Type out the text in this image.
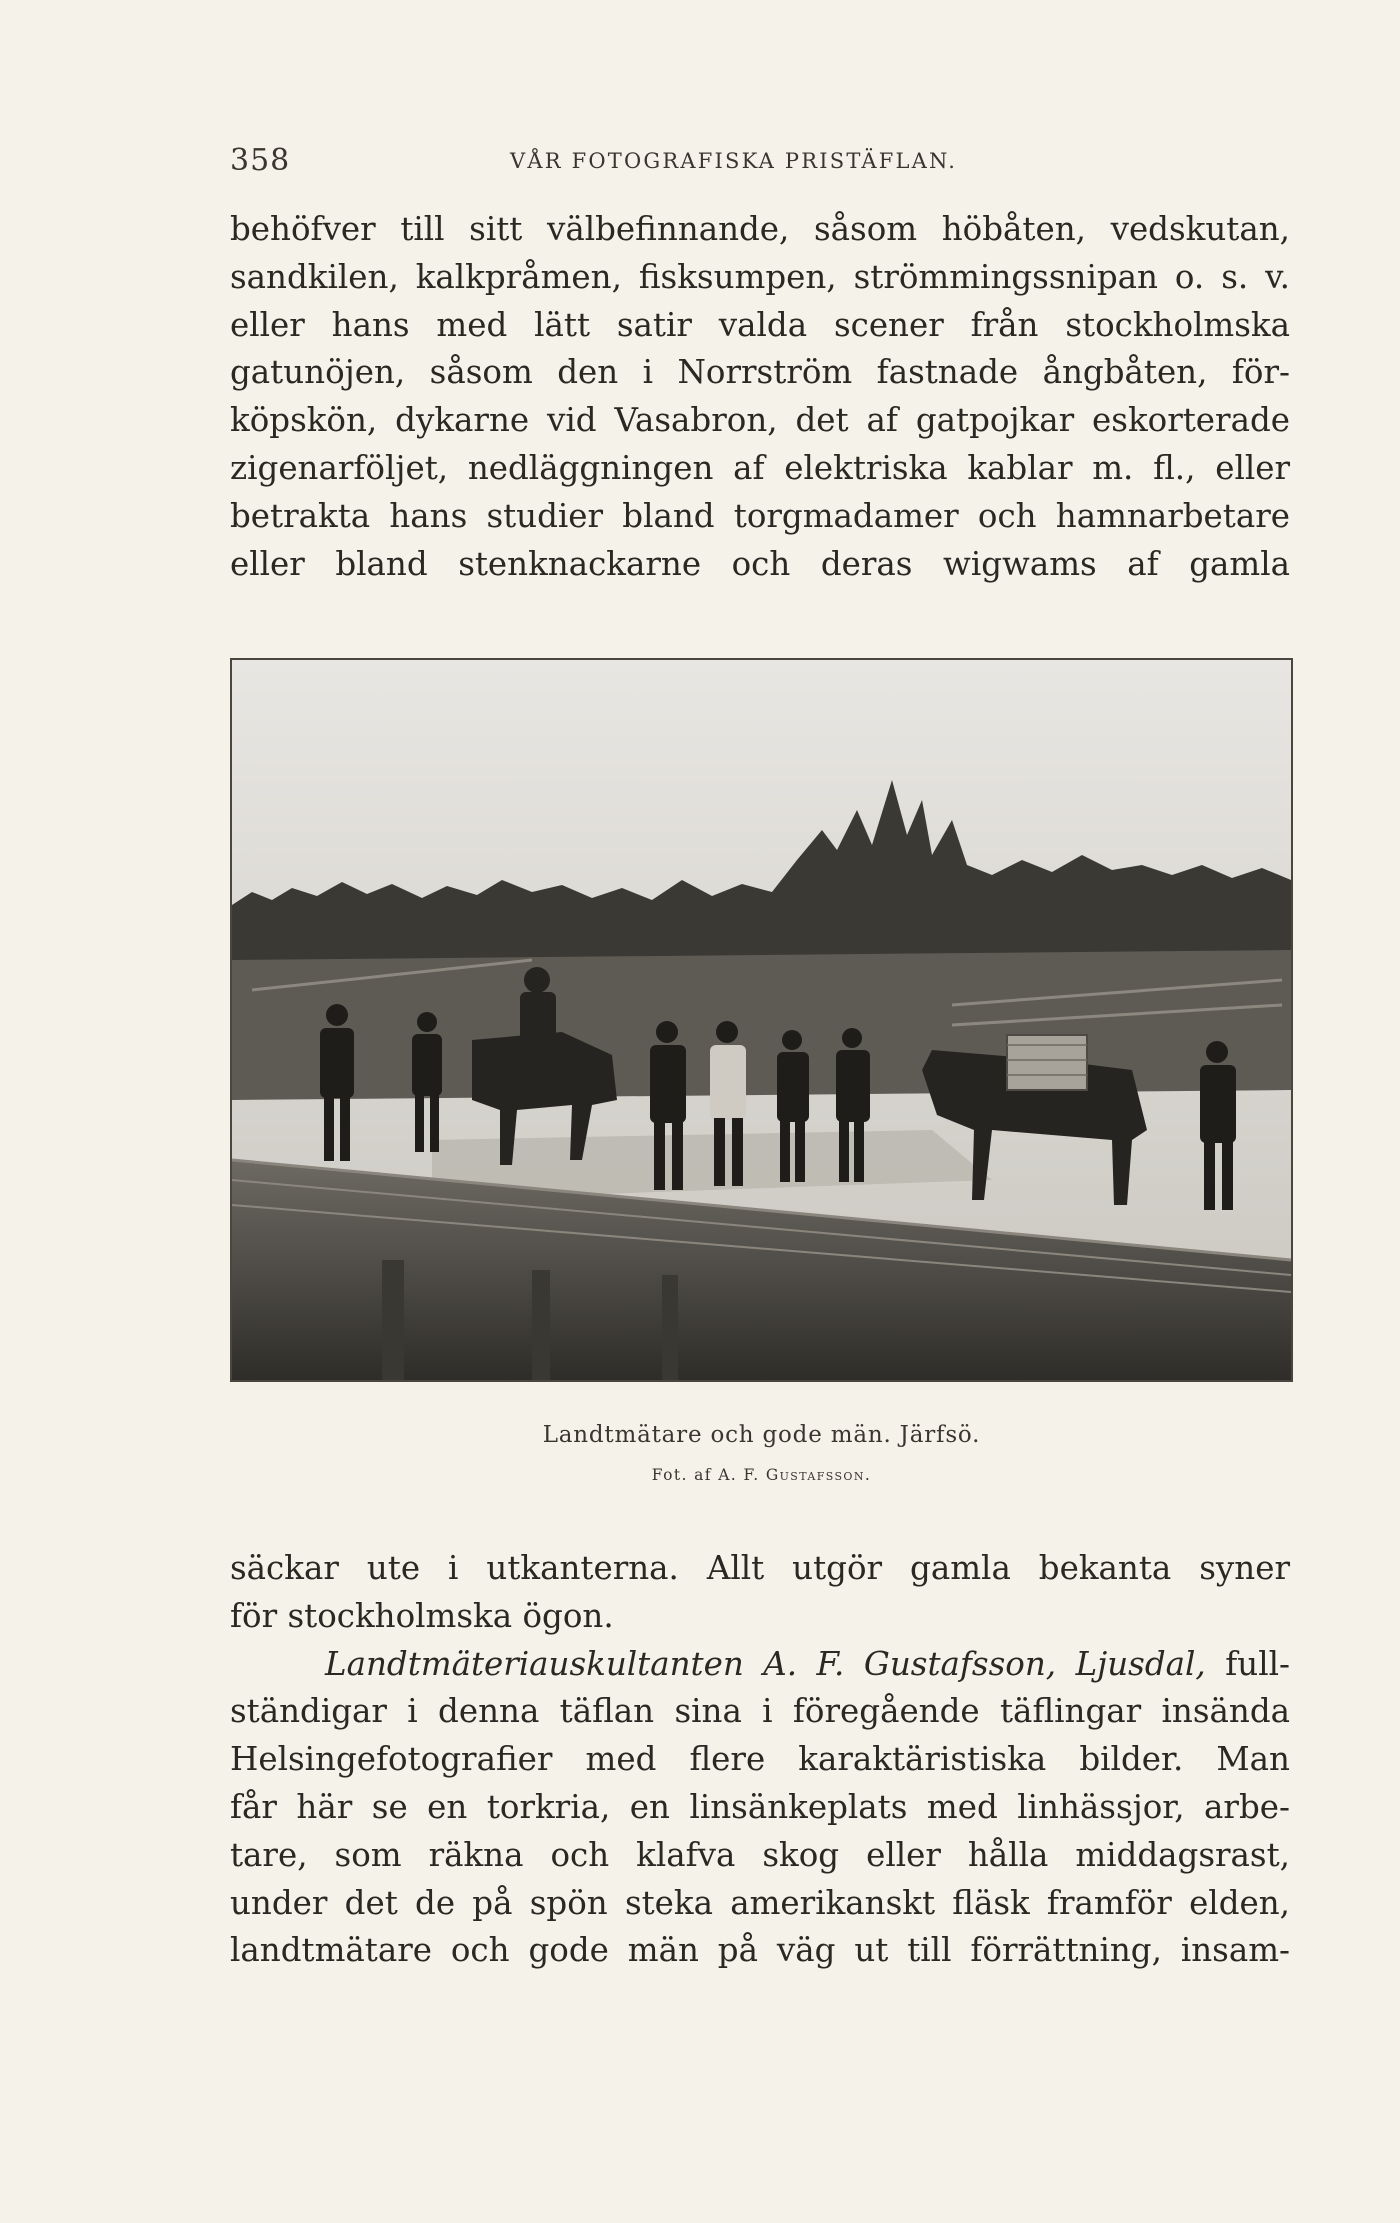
358	VÅR FOTOGRAFISKA PRISTÄFLAN.
behöfver till sitt välbefinnande, såsom höbåten, vedskutan,
sandkilen, kalkpråmen, fisksumpen, strömmingssnipan o. s. v.
eller hans med lätt satir valda scener från stockholmska
gatunöjen, såsom den i Norrström fastnade ångbåten, för-
köpskön, dykarne vid Vasabron, det af gatpojkar eskorterade
zigenarföljet, nedläggningen af elektriska kablar m. fl., eller
betrakta hans studier bland torgmadamer och hamnarbetare
eller bland stenknackarne och deras wigwams af gamla
Landtmätare och gode män. Järfsö.
Fot. af A. F. Gustafsson.
säckar ute i utkanterna. Allt utgör gamla bekanta syner
för stockholmska ögon.
Landtmäteriauskultanten A. F. Gustafsson, Ljusdal, full-
ständigar i denna täflan sina i föregående täflingar insända
Helsingefotografier med flere karaktäristiska bilder. Man
får här se en torkria, en linsänkeplats med linhässjor, arbe-
tare, som räkna och klafva skog eller hålla middagsrast,
under det de på spön steka amerikanskt fläsk framför elden,
landtmätare och gode män på väg ut till förrättning, insam-
